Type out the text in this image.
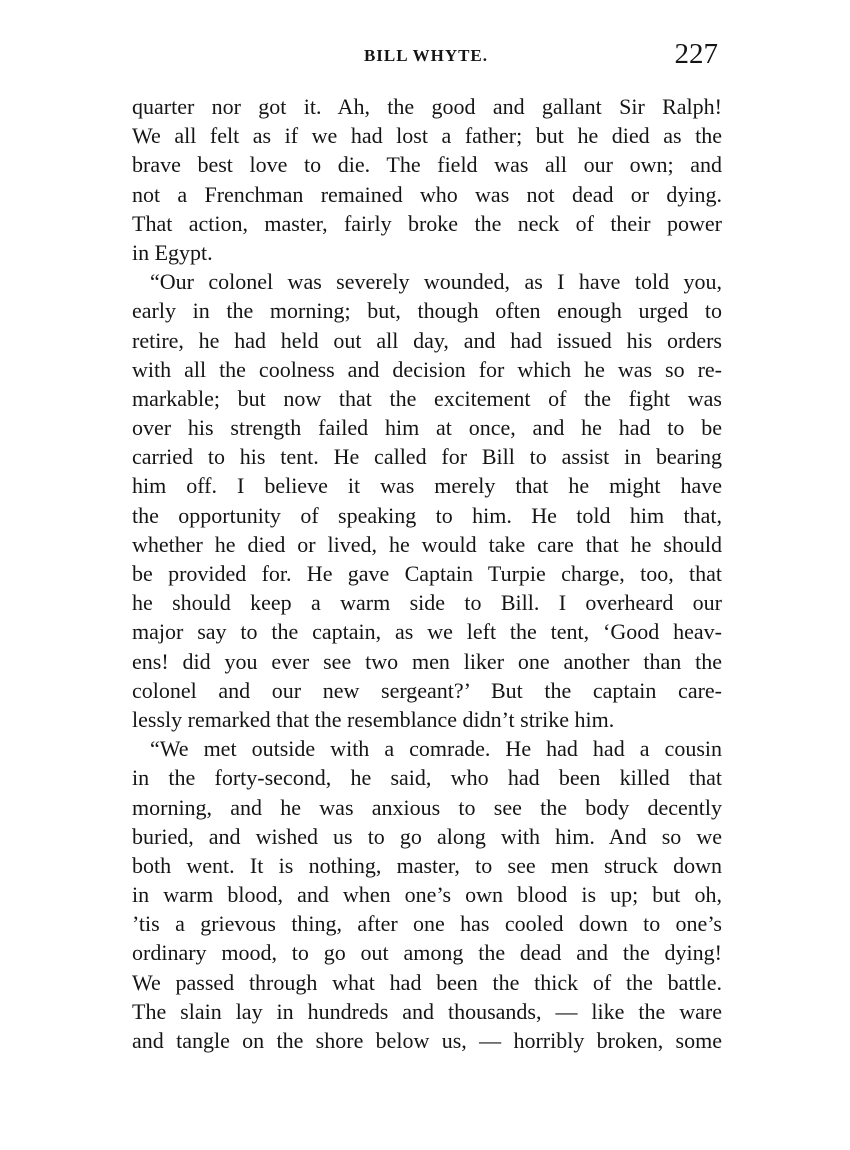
BILL WHYTE.	227
quarter nor got it. Ah, the good and gallant Sir Ralph!
We all felt as if we had lost a father; but he died as the
brave best love to die. The field was all our own; and
not a Frenchman remained who was not dead or dying.
That action, master, fairly broke the neck of their power
in Egypt.
“Our colonel was severely wounded, as I have told you,
early in the morning; but, though often enough urged to
retire, he had held out all day, and had issued his orders
with all the coolness and decision for which he was so re-
markable; but now that the excitement of the fight was
over his strength failed him at once, and he had to be
carried to his tent. He called for Bill to assist in bearing
him off. I believe it was merely that he might have
the opportunity of speaking to him. He told him that,
whether he died or lived, he would take care that he should
be provided for. He gave Captain Turpie charge, too, that
he should keep a warm side to Bill. I overheard our
major say to the captain, as we left the tent, ‘Good heav-
ens! did you ever see two men liker one another than the
colonel and our new sergeant?’ But the captain care-
lessly remarked that the resemblance didn’t strike him.
“We met outside with a comrade. He had had a cousin
in the forty-second, he said, who had been killed that
morning, and he was anxious to see the body decently
buried, and wished us to go along with him. And so we
both went. It is nothing, master, to see men struck down
in warm blood, and when one’s own blood is up; but oh,
’tis a grievous thing, after one has cooled down to one’s
ordinary mood, to go out among the dead and the dying!
We passed through what had been the thick of the battle.
The slain lay in hundreds and thousands, — like the ware
and tangle on the shore below us, — horribly broken, some
